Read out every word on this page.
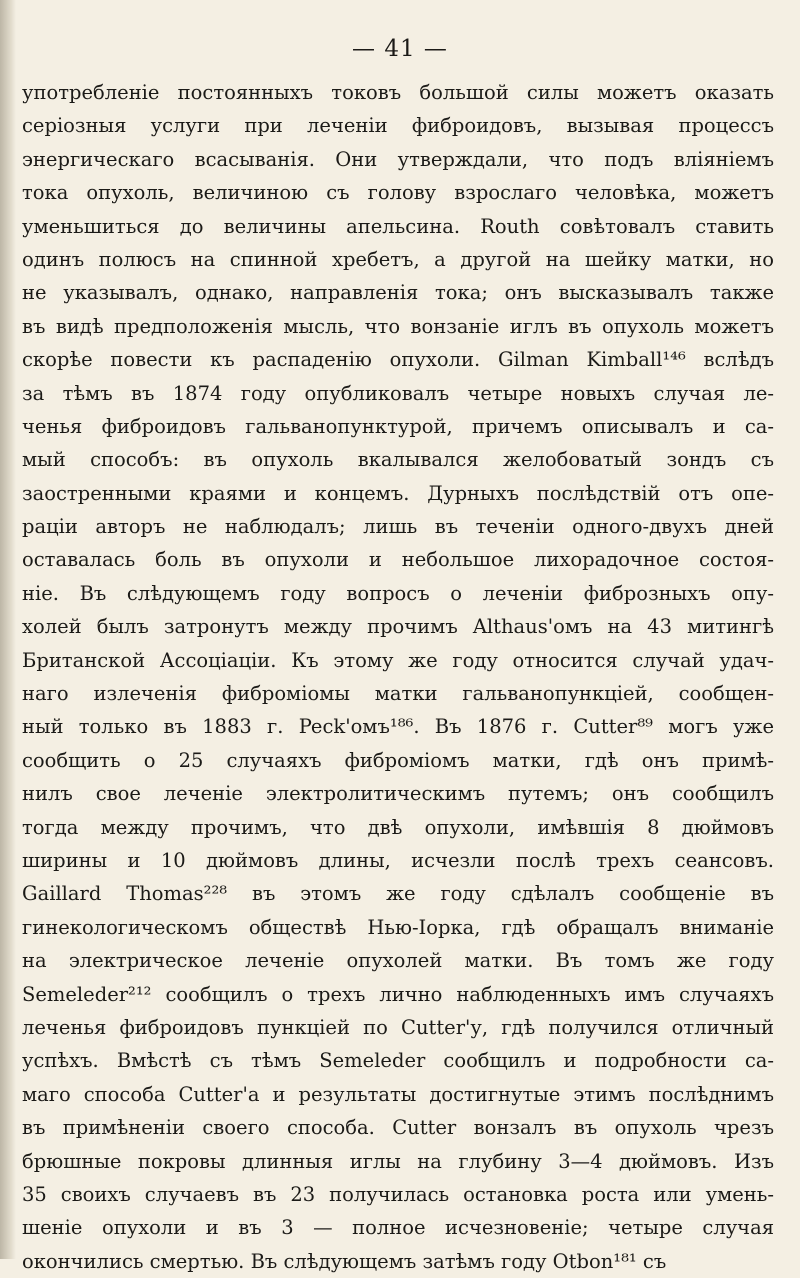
— 41 —
употребленіе постоянныхъ токовъ большой силы можетъ оказать
серіозныя услуги при леченіи фиброидовъ, вызывая процессъ
энергическаго всасыванія. Они утверждали, что подъ вліяніемъ
тока опухоль, величиною съ голову взрослаго человѣка, можетъ
уменьшиться до величины апельсина. Routh совѣтовалъ ставить
одинъ полюсъ на спинной хребетъ, а другой на шейку матки, но
не указывалъ, однако, направленія тока; онъ высказывалъ также
въ видѣ предположенія мысль, что вонзаніе иглъ въ опухоль можетъ
скорѣе повести къ распаденію опухоли. Gilman Kimball¹⁴⁶ вслѣдъ
за тѣмъ въ 1874 году опубликовалъ четыре новыхъ случая ле-
ченья фиброидовъ гальванопунктурой, причемъ описывалъ и са-
мый способъ: въ опухоль вкалывался желобоватый зондъ съ
заостренными краями и концемъ. Дурныхъ послѣдствій отъ опе-
раціи авторъ не наблюдалъ; лишь въ теченіи одного-двухъ дней
оставалась боль въ опухоли и небольшое лихорадочное состоя-
ніе. Въ слѣдующемъ году вопросъ о леченіи фиброзныхъ опу-
холей былъ затронутъ между прочимъ Althaus'омъ на 43 митингѣ
Британской Ассоціаціи. Къ этому же году относится случай удач-
наго излеченія фиброміомы матки гальванопункціей, сообщен-
ный только въ 1883 г. Peck'омъ¹⁸⁶. Въ 1876 г. Cutter⁸⁹ могъ уже
сообщить о 25 случаяхъ фиброміомъ матки, гдѣ онъ примѣ-
нилъ свое леченіе электролитическимъ путемъ; онъ сообщилъ
тогда между прочимъ, что двѣ опухоли, имѣвшія 8 дюймовъ
ширины и 10 дюймовъ длины, исчезли послѣ трехъ сеансовъ.
Gaillard Thomas²²⁸ въ этомъ же году сдѣлалъ сообщеніе въ
гинекологическомъ обществѣ Нью-Іорка, гдѣ обращалъ вниманіе
на электрическое леченіе опухолей матки. Въ томъ же году
Semeleder²¹² сообщилъ о трехъ лично наблюденныхъ имъ случаяхъ
леченья фиброидовъ пункціей по Cutter'у, гдѣ получился отличный
успѣхъ. Вмѣстѣ съ тѣмъ Semeleder сообщилъ и подробности са-
маго способа Cutter'а и результаты достигнутые этимъ послѣднимъ
въ примѣненіи своего способа. Cutter вонзалъ въ опухоль чрезъ
брюшные покровы длинныя иглы на глубину 3—4 дюймовъ. Изъ
35 своихъ случаевъ въ 23 получилась остановка роста или умень-
шеніе опухоли и въ 3 — полное исчезновеніе; четыре случая
окончились смертью. Въ слѣдующемъ затѣмъ году Otbon¹⁸¹ съ
